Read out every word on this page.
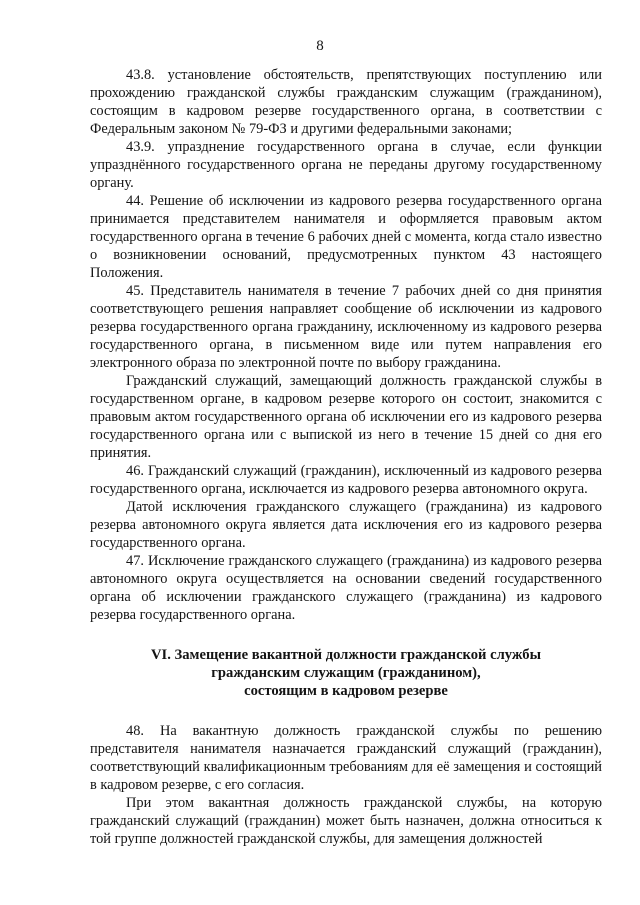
8

43.8. установление обстоятельств, препятствующих поступлению или прохождению гражданской службы гражданским служащим (гражданином), состоящим в кадровом резерве государственного органа, в соответствии с Федеральным законом № 79-ФЗ и другими федеральными законами;

43.9. упразднение государственного органа в случае, если функции упразднённого государственного органа не переданы другому государственному органу.

44. Решение об исключении из кадрового резерва государственного органа принимается представителем нанимателя и оформляется правовым актом государственного органа в течение 6 рабочих дней с момента, когда стало известно о возникновении оснований, предусмотренных пунктом 43 настоящего Положения.

45. Представитель нанимателя в течение 7 рабочих дней со дня принятия соответствующего решения направляет сообщение об исключении из кадрового резерва государственного органа гражданину, исключенному из кадрового резерва государственного органа, в письменном виде или путем направления его электронного образа по электронной почте по выбору гражданина.

Гражданский служащий, замещающий должность гражданской службы в государственном органе, в кадровом резерве которого он состоит, знакомится с правовым актом государственного органа об исключении его из кадрового резерва государственного органа или с выпиской из него в течение 15 дней со дня его принятия.

46. Гражданский служащий (гражданин), исключенный из кадрового резерва государственного органа, исключается из кадрового резерва автономного округа.

Датой исключения гражданского служащего (гражданина) из кадрового резерва автономного округа является дата исключения его из кадрового резерва государственного органа.

47. Исключение гражданского служащего (гражданина) из кадрового резерва автономного округа осуществляется на основании сведений государственного органа об исключении гражданского служащего (гражданина) из кадрового резерва государственного органа.

VI. Замещение вакантной должности гражданской службы
гражданским служащим (гражданином),
состоящим в кадровом резерве

48. На вакантную должность гражданской службы по решению представителя нанимателя назначается гражданский служащий (гражданин), соответствующий квалификационным требованиям для её замещения и состоящий в кадровом резерве, с его согласия.

При этом вакантная должность гражданской службы, на которую гражданский служащий (гражданин) может быть назначен, должна относиться к той группе должностей гражданской службы, для замещения должностей
